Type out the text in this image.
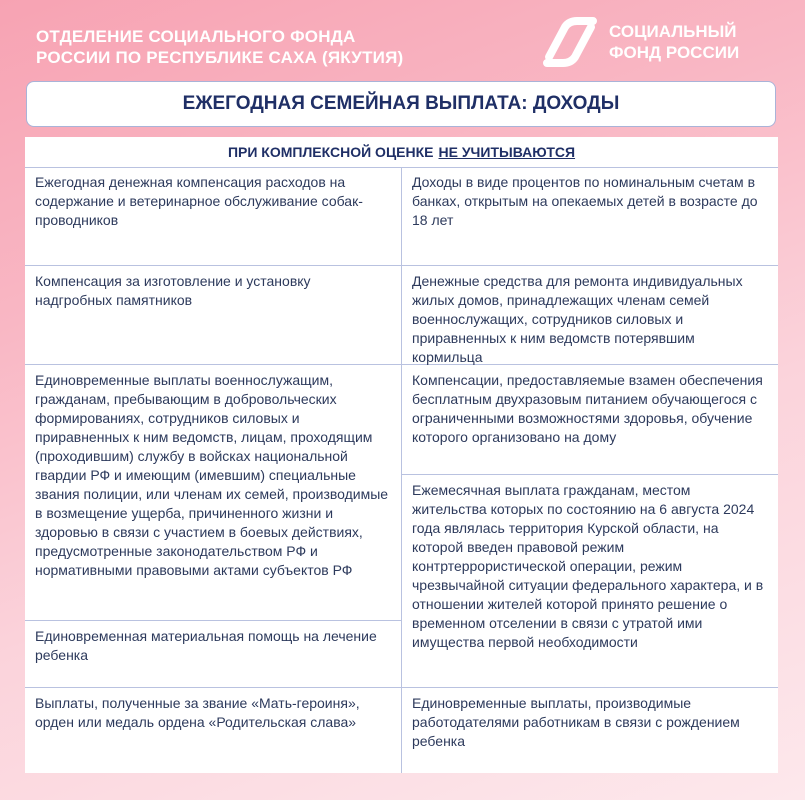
ОТДЕЛЕНИЕ СОЦИАЛЬНОГО ФОНДА
РОССИИ ПО РЕСПУБЛИКЕ САХА (ЯКУТИЯ)
СОЦИАЛЬНЫЙ
ФОНД РОССИИ
ЕЖЕГОДНАЯ СЕМЕЙНАЯ ВЫПЛАТА: ДОХОДЫ
ПРИ КОМПЛЕКСНОЙ ОЦЕНКЕ НЕ УЧИТЫВАЮТСЯ
Ежегодная денежная компенсация расходов на содержание и ветеринарное обслуживание собак-проводников
Компенсация за изготовление и установку надгробных памятников
Единовременные выплаты военнослужащим, гражданам, пребывающим в добровольческих формированиях, сотрудников силовых и приравненных к ним ведомств, лицам, проходящим (проходившим) службу в войсках национальной гвардии РФ и имеющим (имевшим) специальные звания полиции, или членам их семей, производимые в возмещение ущерба, причиненного жизни и здоровью в связи с участием в боевых действиях, предусмотренные законодательством РФ и нормативными правовыми актами субъектов РФ
Единовременная материальная помощь на лечение ребенка
Выплаты, полученные за звание «Мать-героиня», орден или медаль ордена «Родительская слава»
Доходы в виде процентов по номинальным счетам в банках, открытым на опекаемых детей в возрасте до 18 лет
Денежные средства для ремонта индивидуальных жилых домов, принадлежащих членам семей военнослужащих, сотрудников силовых и приравненных к ним ведомств потерявшим кормильца
Компенсации, предоставляемые взамен обеспечения бесплатным двухразовым питанием обучающегося с ограниченными возможностями здоровья, обучение которого организовано на дому
Ежемесячная выплата гражданам, местом жительства которых по состоянию на 6 августа 2024 года являлась территория Курской области, на которой введен правовой режим контртеррористической операции, режим чрезвычайной ситуации федерального характера, и в отношении жителей которой принято решение о временном отселении в связи с утратой ими имущества первой необходимости
Единовременные выплаты, производимые работодателями работникам в связи с рождением ребенка
